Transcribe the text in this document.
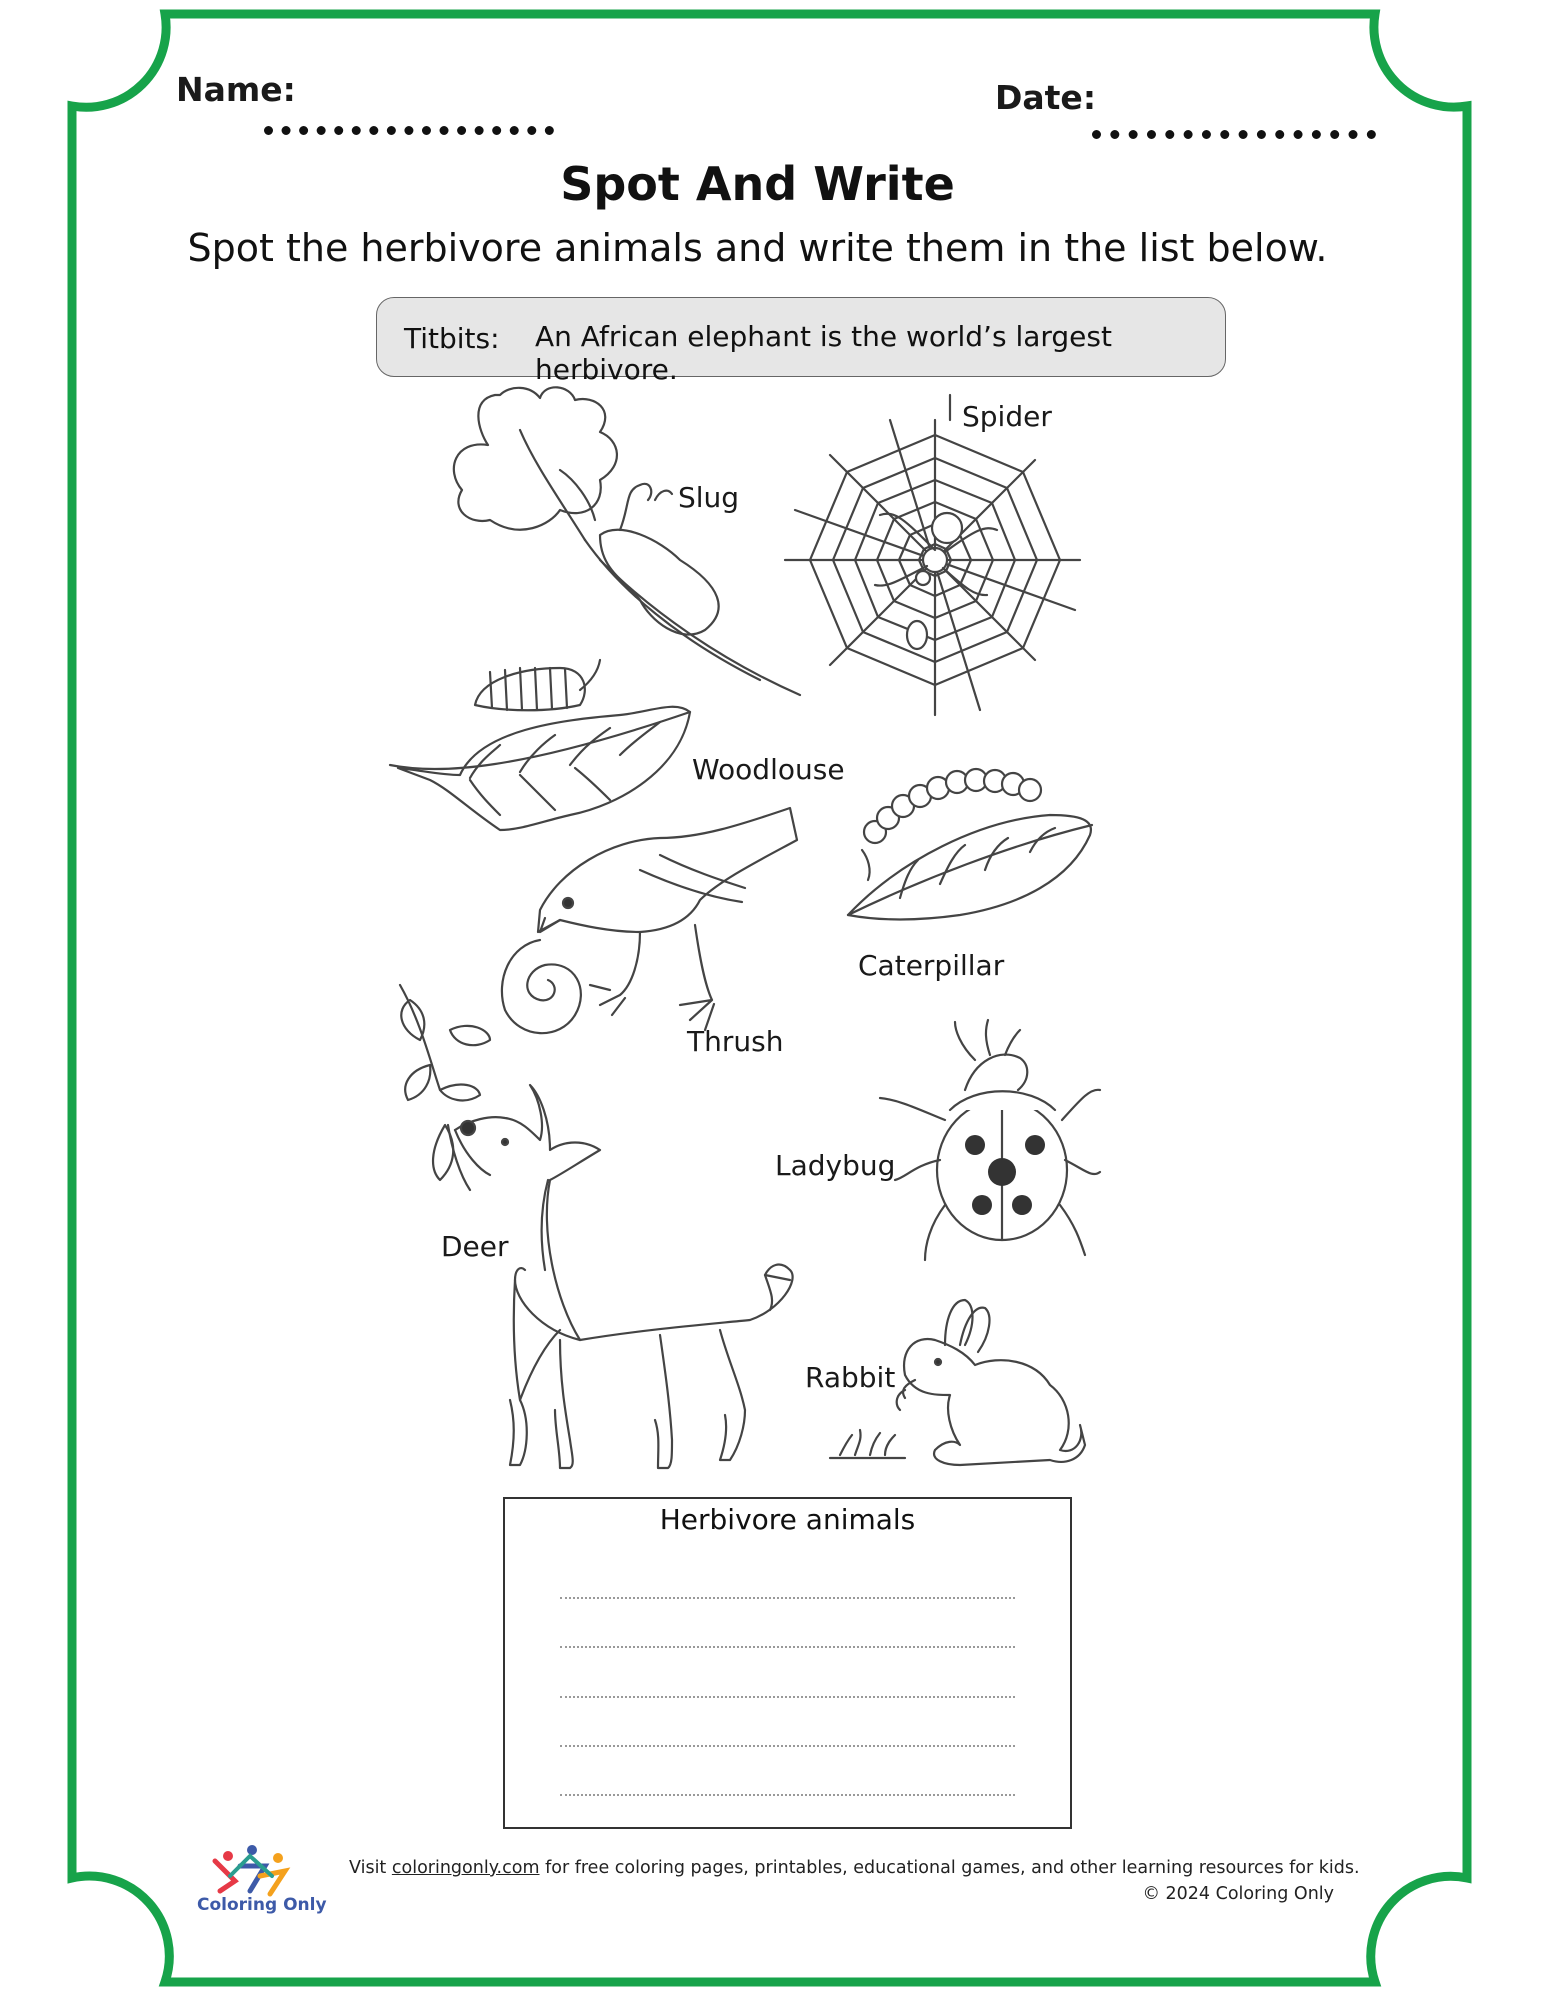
Name:	Date:
Spot And Write
Spot the herbivore animals and write them in the list below.
Titbits: An African elephant is the world’s largest herbivore.
Slug
Spider
Woodlouse
Caterpillar
Thrush
Ladybug
Deer
Rabbit
Herbivore animals
Coloring Only
Visit coloringonly.com for free coloring pages, printables, educational games, and other learning resources for kids.
© 2024 Coloring Only
